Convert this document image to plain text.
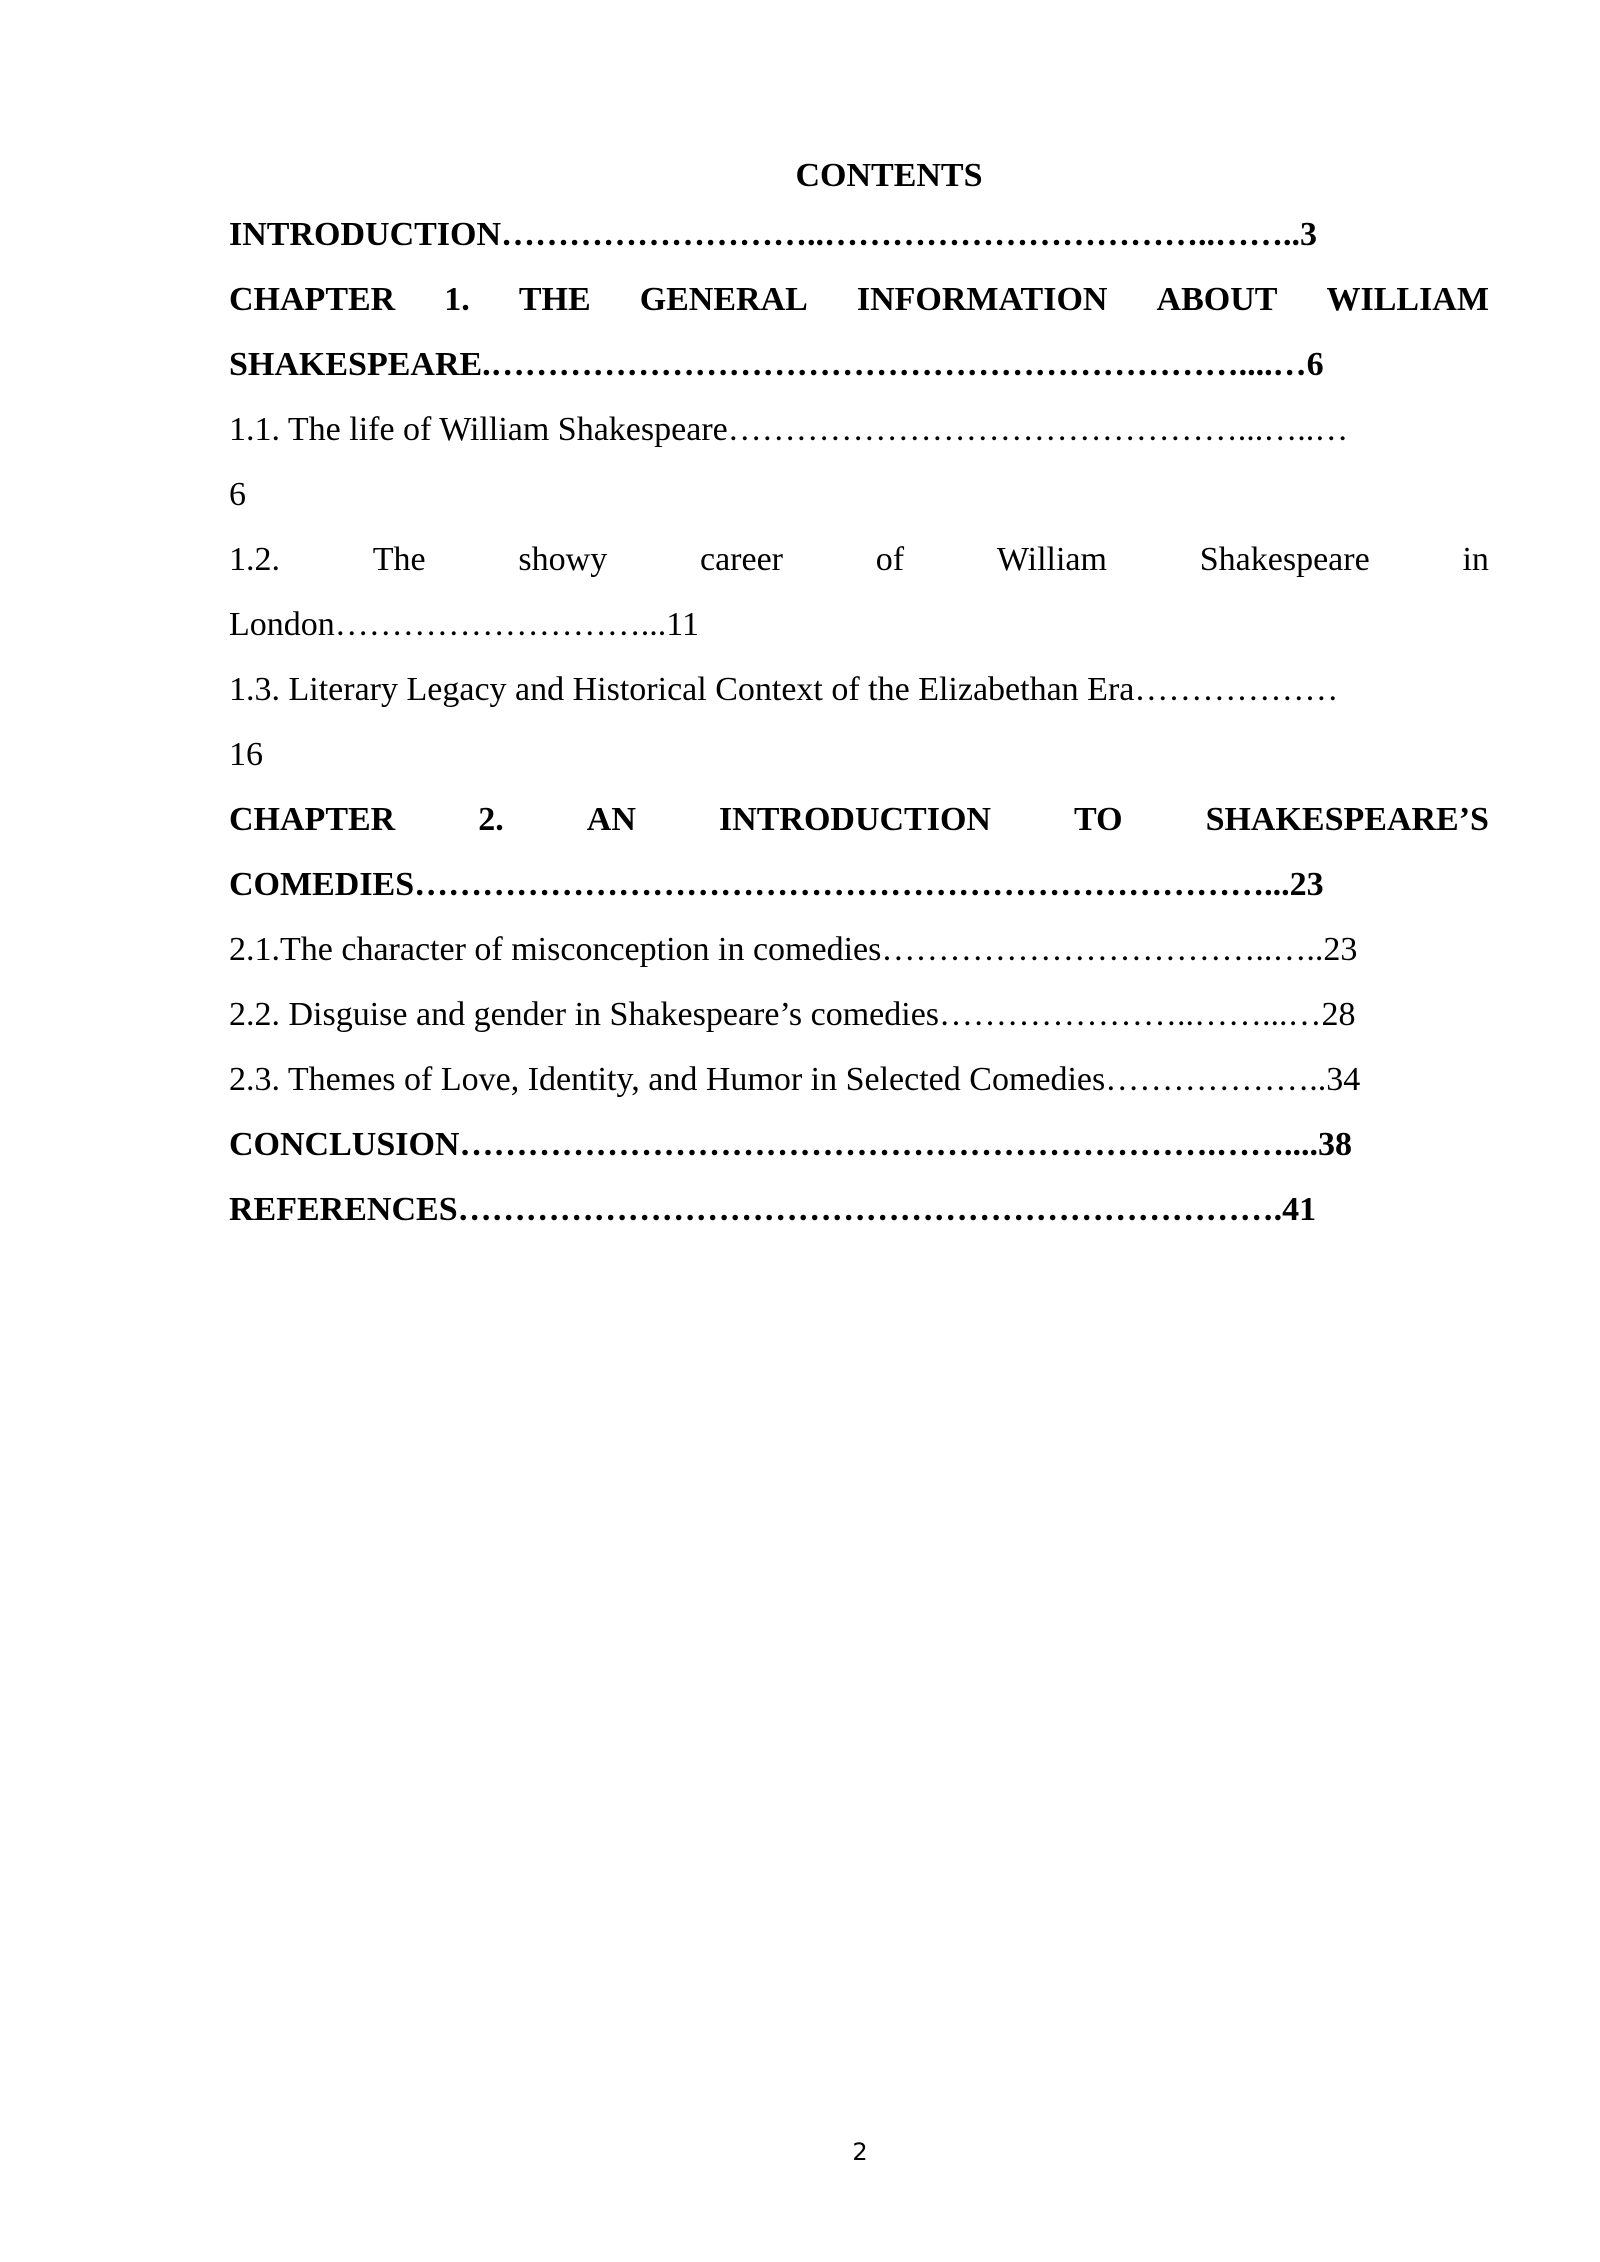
CONTENTS
INTRODUCTION………………………..……………………………..……..3
CHAPTER 1. THE GENERAL INFORMATION ABOUT WILLIAM
SHAKESPEARE.…………………………………………………………....…6
1.1. The life of William Shakespeare………………………………………...…..…
6
1.2.	The	showy	career	of	William	Shakespeare	in
London………………………...11
1.3. Literary Legacy and Historical Context of the Elizabethan Era………………
16
CHAPTER 2. AN INTRODUCTION TO SHAKESPEARE’S
COMEDIES…………………………………………………………………...23
2.1.The character of misconception in comedies……………………………..…..23
2.2. Disguise and gender in Shakespeare’s comedies…………………..……...…28
2.3. Themes of Love, Identity, and Humor in Selected Comedies………………..34
CONCLUSION………………………………………………………….……....38
REFERENCES……………………………………………………………….41
2
